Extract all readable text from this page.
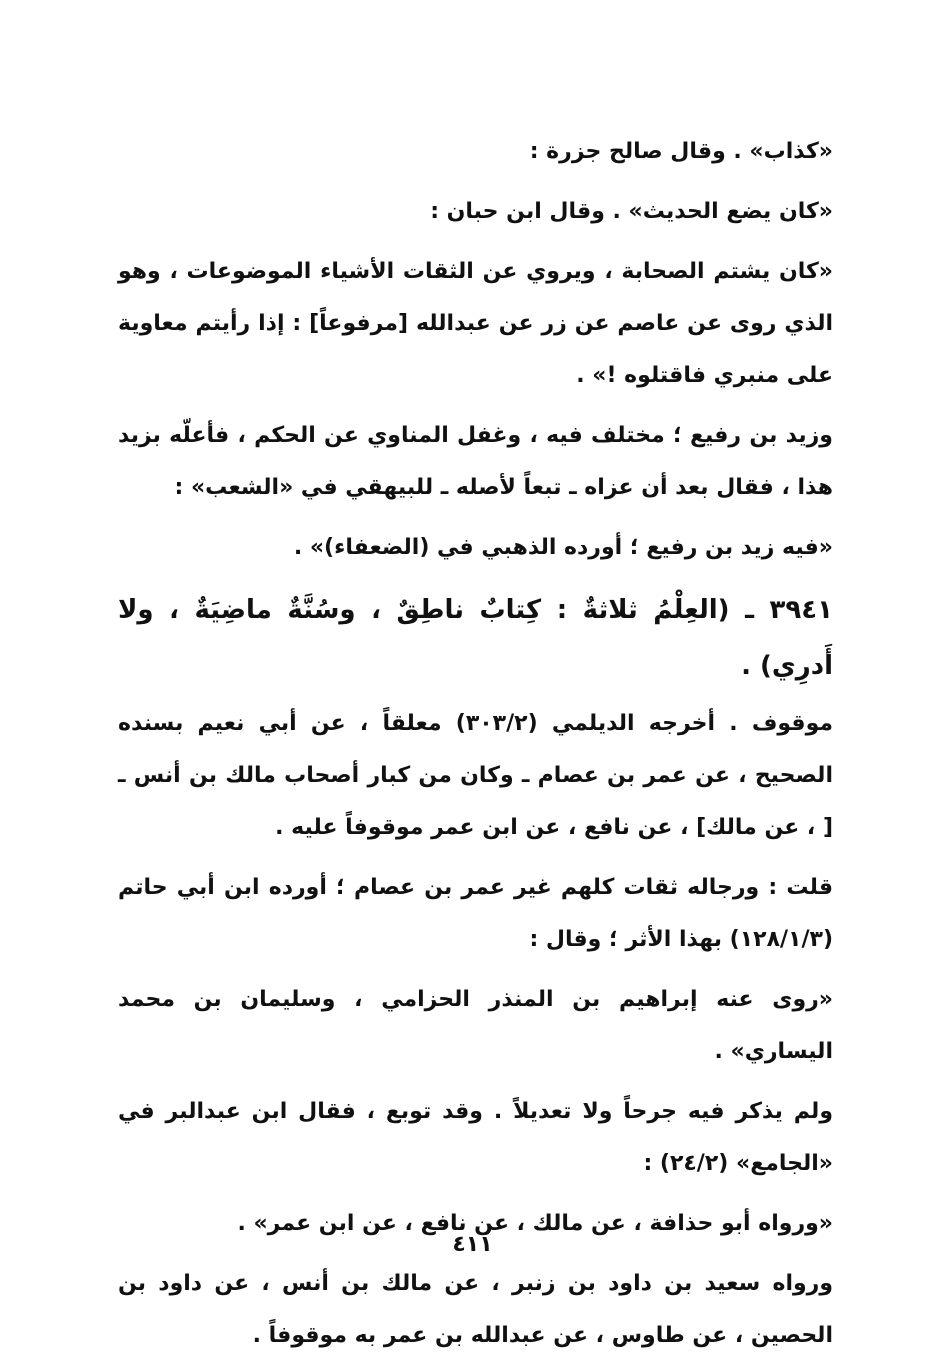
«كذاب» . وقال صالح جزرة :

«كان يضع الحديث» . وقال ابن حبان :

«كان يشتم الصحابة ، ويروي عن الثقات الأشياء الموضوعات ، وهو الذي روى عن عاصم عن زر عن عبدالله [مرفوعاً] : إذا رأيتم معاوية على منبري فاقتلوه !» .

وزيد بن رفيع ؛ مختلف فيه ، وغفل المناوي عن الحكم ، فأعلّه بزيد هذا ، فقال بعد أن عزاه ـ تبعاً لأصله ـ للبيهقي في «الشعب» :

«فيه زيد بن رفيع ؛ أورده الذهبي في (الضعفاء)» .

٣٩٤١ ـ (العِلْمُ ثلاثةٌ : كِتابٌ ناطِقٌ ، وسُنَّةٌ ماضِيَةٌ ، ولا أَدرِي) .

موقوف . أخرجه الديلمي (٣٠٣/٢) معلقاً ، عن أبي نعيم بسنده الصحيح ، عن عمر بن عصام ـ وكان من كبار أصحاب مالك بن أنس ـ [ ، عن مالك] ، عن نافع ، عن ابن عمر موقوفاً عليه .

قلت : ورجاله ثقات كلهم غير عمر بن عصام ؛ أورده ابن أبي حاتم (١٢٨/١/٣) بهذا الأثر ؛ وقال :

«روى عنه إبراهيم بن المنذر الحزامي ، وسليمان بن محمد اليساري» .

ولم يذكر فيه جرحاً ولا تعديلاً . وقد توبع ، فقال ابن عبدالبر في «الجامع» (٢٤/٢) :

«ورواه أبو حذافة ، عن مالك ، عن نافع ، عن ابن عمر» .

ورواه سعيد بن داود بن زنبر ، عن مالك بن أنس ، عن داود بن الحصين ، عن طاوس ، عن عبدالله بن عمر به موقوفاً .

٤١١
